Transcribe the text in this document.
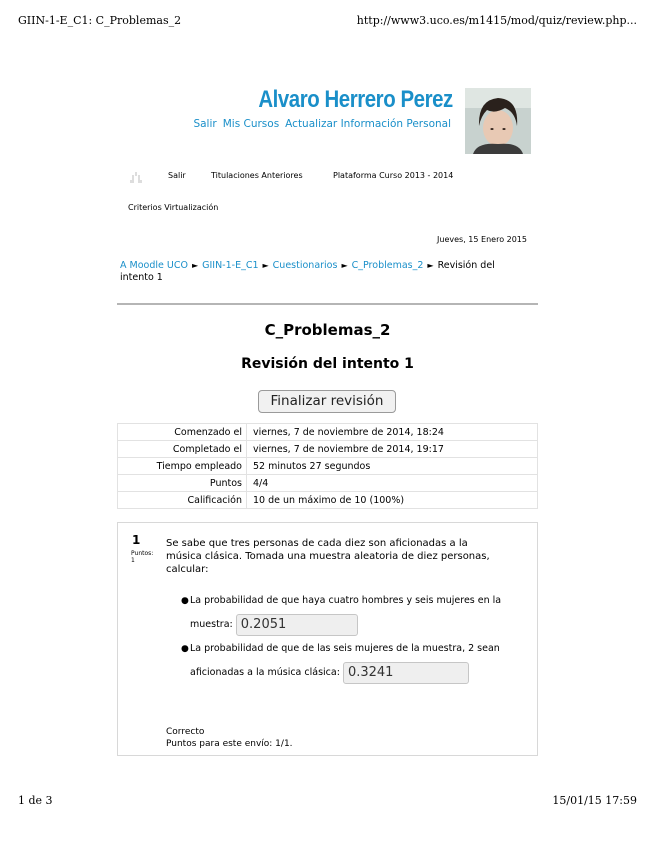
GIIN-1-E_C1: C_Problemas_2	http://www3.uco.es/m1415/mod/quiz/review.php...
Alvaro Herrero Perez
Salir Mis Cursos Actualizar Información Personal
Salir	Titulaciones Anteriores	Plataforma Curso 2013 - 2014
Criterios Virtualización
Jueves, 15 Enero 2015
A Moodle UCO ► GIIN-1-E_C1 ► Cuestionarios ► C_Problemas_2 ► Revisión del intento 1
C_Problemas_2
Revisión del intento 1
Finalizar revisión
Comenzado el	viernes, 7 de noviembre de 2014, 18:24
Completado el	viernes, 7 de noviembre de 2014, 19:17
Tiempo empleado	52 minutos 27 segundos
Puntos	4/4
Calificación	10 de un máximo de 10 (100%)
1
Puntos:
1
Se sabe que tres personas de cada diez son aficionadas a la música clásica. Tomada una muestra aleatoria de diez personas, calcular:
● La probabilidad de que haya cuatro hombres y seis mujeres en la muestra: 0.2051
● La probabilidad de que de las seis mujeres de la muestra, 2 sean aficionadas a la música clásica: 0.3241
Correcto
Puntos para este envío: 1/1.
1 de 3	15/01/15 17:59
